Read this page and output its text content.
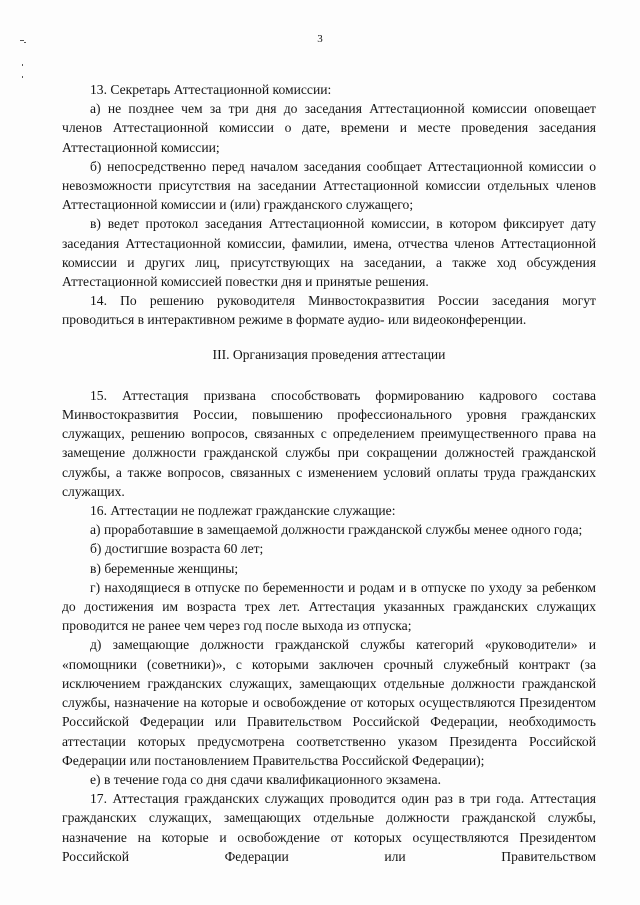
3

13. Секретарь Аттестационной комиссии:

а) не позднее чем за три дня до заседания Аттестационной комиссии оповещает членов Аттестационной комиссии о дате, времени и месте проведения заседания Аттестационной комиссии;

б) непосредственно перед началом заседания сообщает Аттестационной комиссии о невозможности присутствия на заседании Аттестационной комиссии отдельных членов Аттестационной комиссии и (или) гражданского служащего;

в) ведет протокол заседания Аттестационной комиссии, в котором фиксирует дату заседания Аттестационной комиссии, фамилии, имена, отчества членов Аттестационной комиссии и других лиц, присутствующих на заседании, а также ход обсуждения Аттестационной комиссией повестки дня и принятые решения.

14. По решению руководителя Минвостокразвития России заседания могут проводиться в интерактивном режиме в формате аудио- или видеоконференции.

III. Организация проведения аттестации

15. Аттестация призвана способствовать формированию кадрового состава Минвостокразвития России, повышению профессионального уровня гражданских служащих, решению вопросов, связанных с определением преимущественного права на замещение должности гражданской службы при сокращении должностей гражданской службы, а также вопросов, связанных с изменением условий оплаты труда гражданских служащих.

16. Аттестации не подлежат гражданские служащие:

а) проработавшие в замещаемой должности гражданской службы менее одного года;

б) достигшие возраста 60 лет;

в) беременные женщины;

г) находящиеся в отпуске по беременности и родам и в отпуске по уходу за ребенком до достижения им возраста трех лет. Аттестация указанных гражданских служащих проводится не ранее чем через год после выхода из отпуска;

д) замещающие должности гражданской службы категорий «руководители» и «помощники (советники)», с которыми заключен срочный служебный контракт (за исключением гражданских служащих, замещающих отдельные должности гражданской службы, назначение на которые и освобождение от которых осуществляются Президентом Российской Федерации или Правительством Российской Федерации, необходимость аттестации которых предусмотрена соответственно указом Президента Российской Федерации или постановлением Правительства Российской Федерации);

е) в течение года со дня сдачи квалификационного экзамена.

17. Аттестация гражданских служащих проводится один раз в три года. Аттестация гражданских служащих, замещающих отдельные должности гражданской службы, назначение на которые и освобождение от которых осуществляются Президентом Российской Федерации или Правительством
